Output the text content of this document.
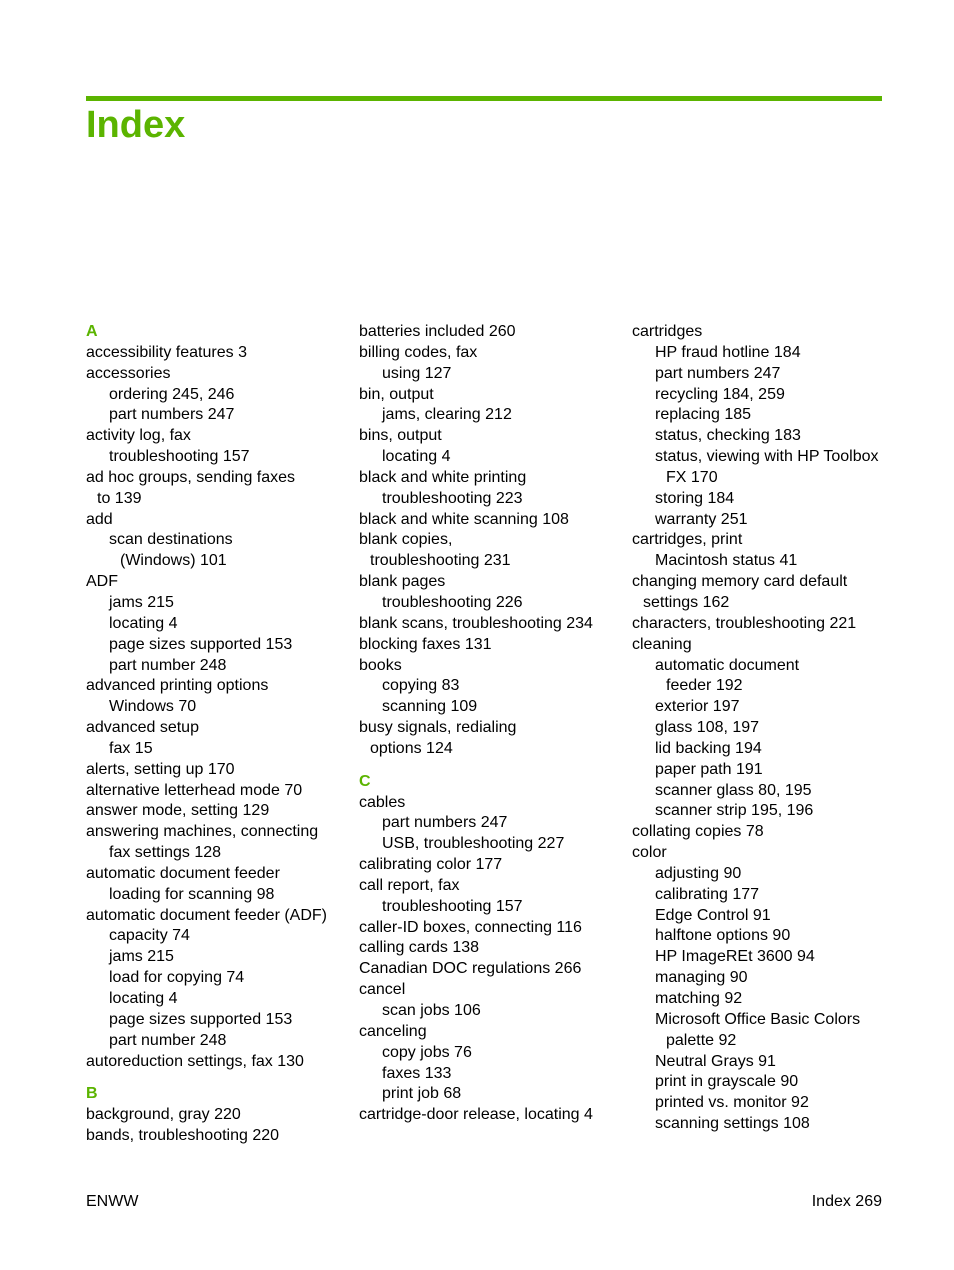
Index
A
accessibility features 3
accessories
ordering 245, 246
part numbers 247
activity log, fax
troubleshooting 157
ad hoc groups, sending faxes
to 139
add
scan destinations
(Windows) 101
ADF
jams 215
locating 4
page sizes supported 153
part number 248
advanced printing options
Windows 70
advanced setup
fax 15
alerts, setting up 170
alternative letterhead mode 70
answer mode, setting 129
answering machines, connecting
fax settings 128
automatic document feeder
loading for scanning 98
automatic document feeder (ADF)
capacity 74
jams 215
load for copying 74
locating 4
page sizes supported 153
part number 248
autoreduction settings, fax 130
B
background, gray 220
bands, troubleshooting 220
batteries included 260
billing codes, fax
using 127
bin, output
jams, clearing 212
bins, output
locating 4
black and white printing
troubleshooting 223
black and white scanning 108
blank copies,
troubleshooting 231
blank pages
troubleshooting 226
blank scans, troubleshooting 234
blocking faxes 131
books
copying 83
scanning 109
busy signals, redialing
options 124
C
cables
part numbers 247
USB, troubleshooting 227
calibrating color 177
call report, fax
troubleshooting 157
caller-ID boxes, connecting 116
calling cards 138
Canadian DOC regulations 266
cancel
scan jobs 106
canceling
copy jobs 76
faxes 133
print job 68
cartridge-door release, locating 4
cartridges
HP fraud hotline 184
part numbers 247
recycling 184, 259
replacing 185
status, checking 183
status, viewing with HP Toolbox
FX 170
storing 184
warranty 251
cartridges, print
Macintosh status 41
changing memory card default
settings 162
characters, troubleshooting 221
cleaning
automatic document
feeder 192
exterior 197
glass 108, 197
lid backing 194
paper path 191
scanner glass 80, 195
scanner strip 195, 196
collating copies 78
color
adjusting 90
calibrating 177
Edge Control 91
halftone options 90
HP ImageREt 3600 94
managing 90
matching 92
Microsoft Office Basic Colors
palette 92
Neutral Grays 91
print in grayscale 90
printed vs. monitor 92
scanning settings 108
ENWW	Index 269
